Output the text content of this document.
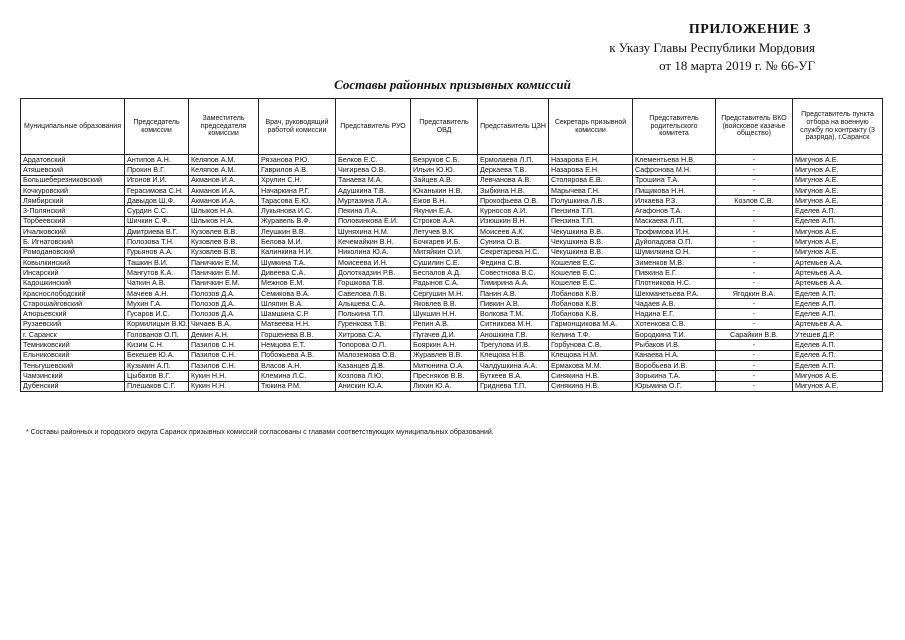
ПРИЛОЖЕНИЕ 3
к Указу Главы Республики Мордовия
от 18 марта 2019 г. № 66-УГ
Составы районных призывных комиссий
Муниципальные образования	Председатель комиссии	Заместитель председателя комиссии	Врач, руководящий работой комиссии	Представитель РУО	Представитель ОВД	Представитель ЦЗН	Секретарь призывной комиссии	Представитель родительского комитета	Представитель ВКО (войсковое казачье общество)	Представитель пункта отбора на военную службу по контракту (3 разряда), г.Саранск
Ардатовский	Антипов А.Н.	Келяпов А.М.	Рязанова Р.Ю.	Белков Е.С.	Безруков С.Б.	Ермолаева Л.П.	Назарова Е.Н.	Клементьева Н.В.	-	Мигунов А.Е.
Атяшевский	Прокин В.Г.	Келяпов А.М.	Гаврилов А.В.	Чигирева О.В.	Ильин Ю.Ю.	Деркаева Т.В.	Назарова Е.Н.	Сафронова М.Н.	-	Мигунов А.Е.
Большеберезниковский	Игонов И.И.	Акманов И.А.	Хрулин С.Н.	Танаева М.А.	Зайцев А.В.	Левчанова А.В.	Столярова Е.В.	Трошина Т.А.	-	Мигунов А.Е.
Кочкуровский	Герасимова С.Н.	Акманов И.А.	Начаркина Р.Г.	Адушкина Т.В.	Юканькин Н.В.	Зыбкина Н.В.	Марычева Г.Н.	Пищикова Н.Н.	-	Мигунов А.Е.
Лямбирский	Давыдов Ш.Ф.	Акманов И.А.	Тарасова Е.Ю.	Муртазина Л.А.	Ежов В.Н.	Прокофьева О.В.	Полушкина Л.В.	Илкаева Р.З.	Козлов С.В.	Мигунов А.Е.
3-Полянский	Сурдин С.С.	Шлыков Н.А.	Лукьянова И.С.	Пекина Л.А.	Якунин Е.А.	Курносов А.И.	Пензина Т.П.	Агафонов Т.А.	-	Еделев А.П.
Торбеевский	Шичкин С.Ф.	Шлыков Н.А.	Журавель В.Ф.	Половинкова Е.И.	Строков А.А.	Изюшкин В.Н.	Пензина Т.П.	Маскаева Л.П.	-	Еделев А.П.
Ичалковский	Дмитриева В.Г.	Кузовлев В.В.	Леушкин В.В.	Шуняхина Н.М.	Летучев В.К.	Моисеев А.К.	Чекушкина В.В.	Трофимова И.Н.	-	Мигунов А.Е.
Б. Игнатовский	Полозова Т.Н.	Кузовлев В.В.	Белова М.И.	Кечемайкин В.Н.	Бочкарев И.Б.	Сунина О.В.	Чекушкина В.В.	Дуйоладова О.П.	-	Мигунов А.Е.
Ромодановский	Гурьянов А.А.	Кузовлев В.В.	Калинкина Н.И.	Николина Ю.А.	Митяйкин О.И.	Секретарева Н.С.	Чекушкина В.В.	Шумилкина О.Н.	-	Мигунов А.Е.
Ковылкинский	Ташкин В.И.	Паничкин Е.М.	Шумкина Т.А.	Моисеева И.Н.	Сушилин С.Е.	Федина С.В.	Кошелев Е.С.	Зименков М.В.	-	Артемьев А.А.
Инсарский	Мангутов К.А.	Паничкин Е.М.	Дивеева С.А.	Долоткадзин Р.В.	Беспалов А.Д.	Совестнова В.С.	Кошелев Е.С.	Пивкина Е.Г.	-	Артемьев А.А.
Кадошкинский	Чаткин А.В.	Паничкин Е.М.	Межнов Е.М.	Горшкова Т.В.	Радынов С.А.	Тимирина А.А.	Кошелев Е.С.	Плотникова Н.С.	-	Артемьев А.А.
Краснослободский	Мачеев А.Н.	Полозов Д.А.	Семикова В.А.	Савелова Л.В.	Сергушин М.Н.	Панин А.В.	Лобанова К.В.	Шехманетьева Р.А.	Ягодкин В.А.	Еделев А.П.
Старошайговский	Мухин Г.А.	Полозов Д.А.	Шляпин В.А.	Алышева С.А.	Яковлев В.В.	Пивкин А.В.	Лобанова К.В.	Чадаев А.В.	-	Еделев А.П.
Атюрьевский	Гусаров И.С.	Полозов Д.А.	Шамшина С.Р.	Полькина Т.П.	Шукшин Н.Н.	Волкова Т.М.	Лобанова К.В.	Надина Е.Г.	-	Еделев А.П.
Рузаевский	Кормилицын В.Ю.	Чичаев В.А.	Матвеева Н.Н.	Гуренкова Т.В.	Репин А.В.	Ситникова М.Н.	Гармонщикова М.А.	Хотенкова С.В.	-	Артемьев А.А.
г. Саранск	Голованов О.П.	Демин А.Н.	Горшенева В.В.	Хитрова С.А.	Пугачев Д.И.	Аношкина Г.В.	Келина Т.Ф.	Бородкина Т.И.	Сарайкин В.В.	Утешев Д.Р.
Темниковский	Кизим С.Н.	Пазилов С.Н.	Немцова Е.Т.	Топорова О.П.	Бояркин А.Н.	Трегулова И.В.	Горбунова С.В.	Рыбаков И.В.	-	Еделев А.П.
Ельниковский	Бекешев Ю.А.	Пазилов С.Н.	Побожьева А.В.	Малоземова О.В.	Журавлев В.В.	Клещова Н.В.	Клещова Н.М.	Канаева Н.А.	-	Еделев А.П.
Теньгушевский	Кузьмин А.П.	Пазилов С.Н.	Власов А.Н.	Казанцев Д.В.	Митюнина О.А.	Чалдушкина А.А.	Ермакова М.М.	Воробьева И.В.	-	Еделев А.П.
Чамзинский	Цыбаков В.Г.	Кукин Н.Н.	Клемина Л.С.	Козлова Л.Ю.	Пресняков В.В.	Буткеев В.А.	Синякина Н.В.	Зорькина Т.А.	-	Мигунов А.Е.
Дубенский	Плешаков С.Г.	Кукин Н.Н.	Тюкина Р.М.	Анискин Ю.А.	Лихин Ю.А.	Гриднева Т.П.	Синякина Н.В.	Юрьмина О.Г.	-	Мигунов А.Е.
* Составы районных и городского округа Саранск призывных комиссий согласованы с главами соответствующих муниципальных образований.
